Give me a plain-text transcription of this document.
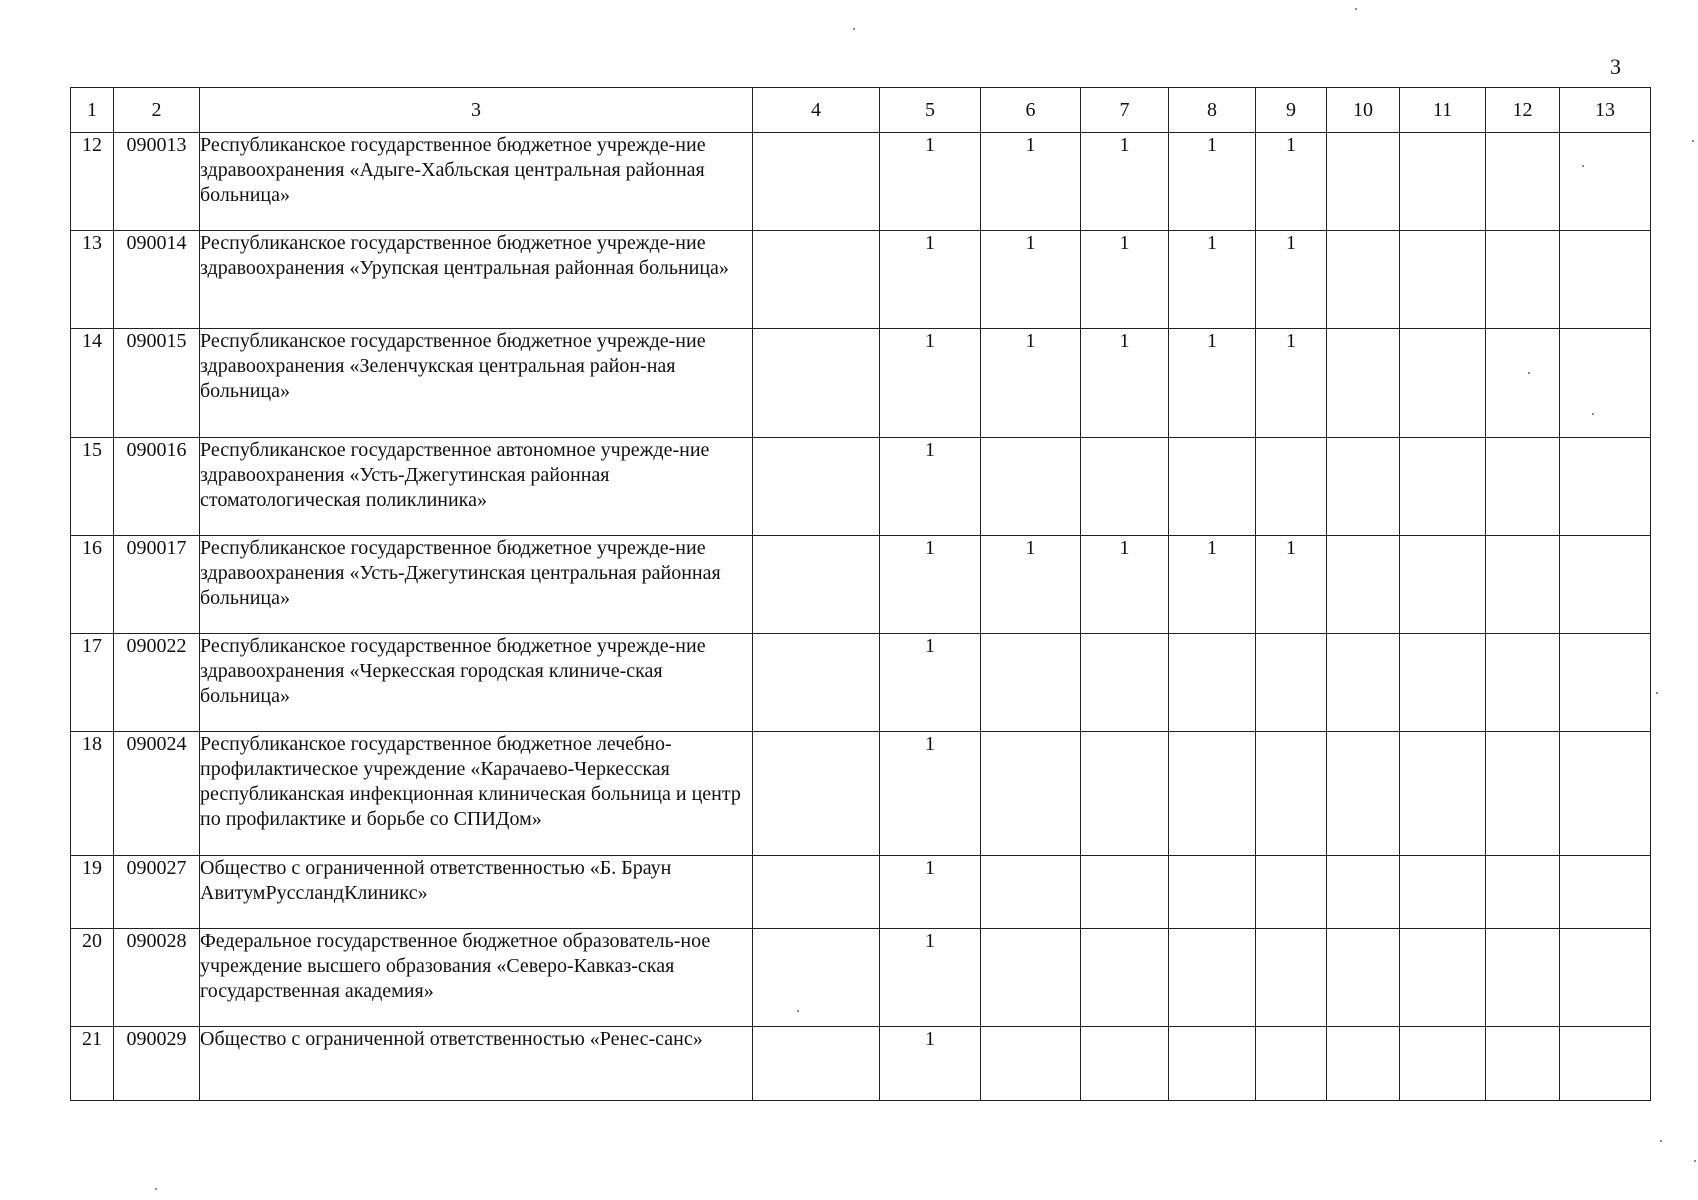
3
1	2	3	4	5	6	7	8	9	10	11	12	13
12	090013	Республиканское государственное бюджетное учрежде-ние здравоохранения «Адыге-Хабльская центральная районная больница»		1	1	1	1	1				
13	090014	Республиканское государственное бюджетное учрежде-ние здравоохранения «Урупская центральная районная больница»		1	1	1	1	1				
14	090015	Республиканское государственное бюджетное учрежде-ние здравоохранения «Зеленчукская центральная район-ная больница»		1	1	1	1	1				
15	090016	Республиканское государственное автономное учрежде-ние здравоохранения «Усть-Джегутинская районная стоматологическая поликлиника»		1								
16	090017	Республиканское государственное бюджетное учрежде-ние здравоохранения «Усть-Джегутинская центральная районная больница»		1	1	1	1	1				
17	090022	Республиканское государственное бюджетное учрежде-ние здравоохранения «Черкесская городская клиниче-ская больница»		1								
18	090024	Республиканское государственное бюджетное лечебно-профилактическое учреждение «Карачаево-Черкесская республиканская инфекционная клиническая больница и центр по профилактике и борьбе со СПИДом»		1								
19	090027	Общество с ограниченной ответственностью «Б. Браун АвитумРуссландКлиникс»		1								
20	090028	Федеральное государственное бюджетное образователь-ное учреждение высшего образования «Северо-Кавказ-ская государственная академия»		1								
21	090029	Общество с ограниченной ответственностью «Ренес-санс»		1								
